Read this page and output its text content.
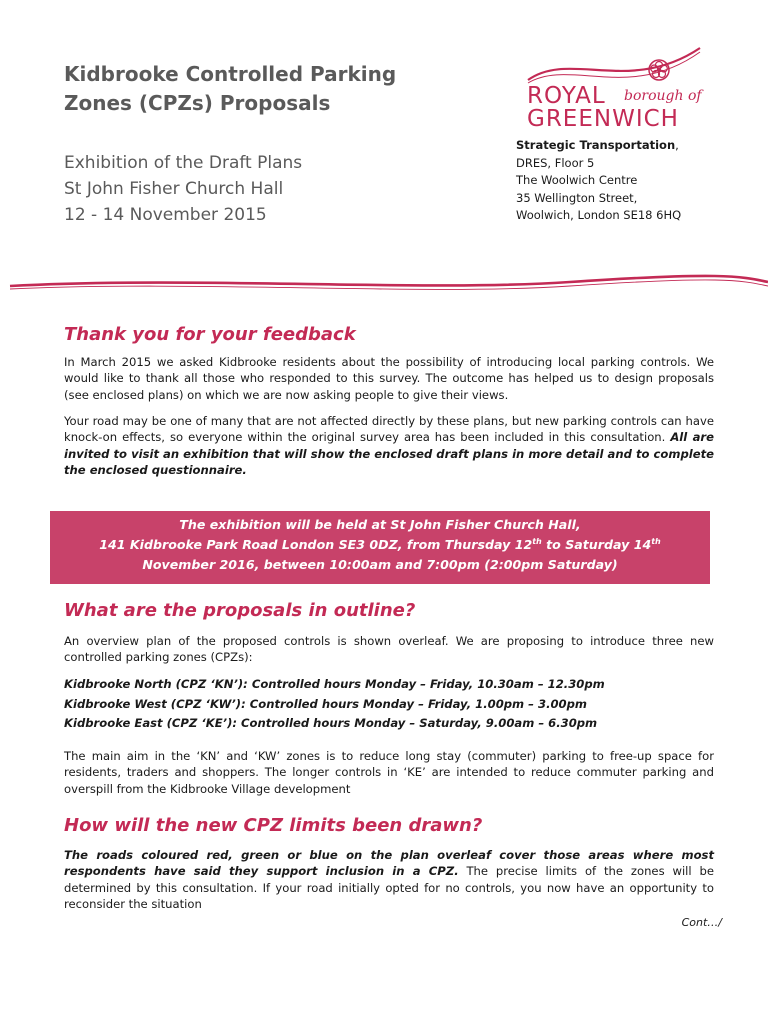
Kidbrooke Controlled Parking
Zones (CPZs) Proposals
Exhibition of the Draft Plans
St John Fisher Church Hall
12 - 14 November 2015
ROYAL borough of
GREENWICH
Strategic Transportation,
DRES, Floor 5
The Woolwich Centre
35 Wellington Street,
Woolwich, London SE18 6HQ
Thank you for your feedback

In March 2015 we asked Kidbrooke residents about the possibility of introducing local parking controls. We would like to thank all those who responded to this survey. The outcome has helped us to design proposals (see enclosed plans) on which we are now asking people to give their views.

Your road may be one of many that are not affected directly by these plans, but new parking controls can have knock-on effects, so everyone within the original survey area has been included in this consultation. All are invited to visit an exhibition that will show the enclosed draft plans in more detail and to complete the enclosed questionnaire.

The exhibition will be held at St John Fisher Church Hall,
141 Kidbrooke Park Road London SE3 0DZ, from Thursday 12th to Saturday 14th
November 2016, between 10:00am and 7:00pm (2:00pm Saturday)
What are the proposals in outline?

An overview plan of the proposed controls is shown overleaf. We are proposing to introduce three new controlled parking zones (CPZs):

Kidbrooke North (CPZ ‘KN’): Controlled hours Monday – Friday, 10.30am – 12.30pm
Kidbrooke West (CPZ ‘KW’): Controlled hours Monday – Friday, 1.00pm – 3.00pm
Kidbrooke East (CPZ ‘KE’): Controlled hours Monday – Saturday, 9.00am – 6.30pm

The main aim in the ‘KN’ and ‘KW’ zones is to reduce long stay (commuter) parking to free-up space for residents, traders and shoppers. The longer controls in ‘KE’ are intended to reduce commuter parking and overspill from the Kidbrooke Village development

How will the new CPZ limits been drawn?

The roads coloured red, green or blue on the plan overleaf cover those areas where most respondents have said they support inclusion in a CPZ. The precise limits of the zones will be determined by this consultation. If your road initially opted for no controls, you now have an opportunity to reconsider the situation

Cont…/
